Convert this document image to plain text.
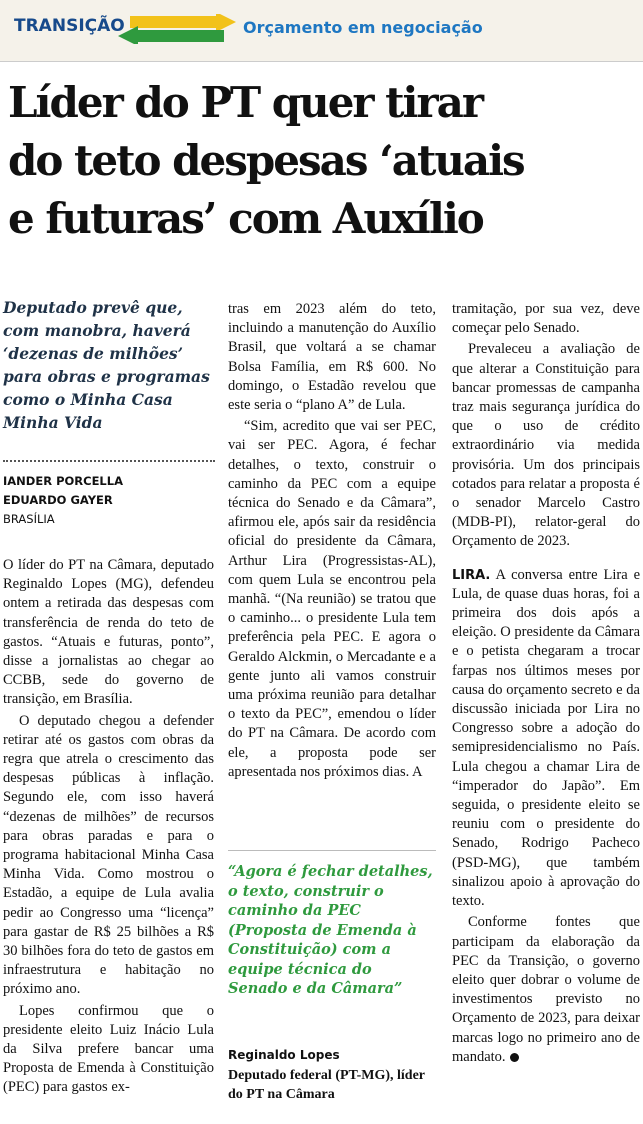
TRANSIÇÃO	Orçamento em negociação
Líder do PT quer tirar
do teto despesas ‘atuais
e futuras’ com Auxílio
Deputado prevê que, com manobra, haverá ‘dezenas de milhões’ para obras e programas como o Minha Casa Minha Vida
IANDER PORCELLA
EDUARDO GAYER
BRASÍLIA

O líder do PT na Câmara, deputado Reginaldo Lopes (MG), defendeu ontem a retirada das despesas com transferência de renda do teto de gastos. “Atuais e futuras, ponto”, disse a jornalistas ao chegar ao CCBB, sede do governo de transição, em Brasília.

O deputado chegou a defender retirar até os gastos com obras da regra que atrela o crescimento das despesas públicas à inflação. Segundo ele, com isso haverá “dezenas de milhões” de recursos para obras paradas e para o programa habitacional Minha Casa Minha Vida. Como mostrou o Estadão, a equipe de Lula avalia pedir ao Congresso uma “licença” para gastar de R$ 25 bilhões a R$ 30 bilhões fora do teto de gastos em infraestrutura e habitação no próximo ano.

Lopes confirmou que o presidente eleito Luiz Inácio Lula da Silva prefere bancar uma Proposta de Emenda à Constituição (PEC) para gastos ex-

tras em 2023 além do teto, incluindo a manutenção do Auxílio Brasil, que voltará a se chamar Bolsa Família, em R$ 600. No domingo, o Estadão revelou que este seria o “plano A” de Lula.

“Sim, acredito que vai ser PEC, vai ser PEC. Agora, é fechar detalhes, o texto, construir o caminho da PEC com a equipe técnica do Senado e da Câmara”, afirmou ele, após sair da residência oficial do presidente da Câmara, Arthur Lira (Progressistas-AL), com quem Lula se encontrou pela manhã. “(Na reunião) se tratou que o caminho... o presidente Lula tem preferência pela PEC. E agora o Geraldo Alckmin, o Mercadante e a gente junto ali vamos construir uma próxima reunião para detalhar o texto da PEC”, emendou o líder do PT na Câmara. De acordo com ele, a proposta pode ser apresentada nos próximos dias. A

“Agora é fechar detalhes, o texto, construir o caminho da PEC (Proposta de Emenda à Constituição) com a equipe técnica do Senado e da Câmara”
Reginaldo Lopes
Deputado federal (PT-MG), líder do PT na Câmara

tramitação, por sua vez, deve começar pelo Senado.

Prevaleceu a avaliação de que alterar a Constituição para bancar promessas de campanha traz mais segurança jurídica do que o uso de crédito extraordinário via medida provisória. Um dos principais cotados para relatar a proposta é o senador Marcelo Castro (MDB-PI), relator-geral do Orçamento de 2023.

LIRA. A conversa entre Lira e Lula, de quase duas horas, foi a primeira dos dois após a eleição. O presidente da Câmara e o petista chegaram a trocar farpas nos últimos meses por causa do orçamento secreto e da discussão iniciada por Lira no Congresso sobre a adoção do semipresidencialismo no País. Lula chegou a chamar Lira de “imperador do Japão”. Em seguida, o presidente eleito se reuniu com o presidente do Senado, Rodrigo Pacheco (PSD-MG), que também sinalizou apoio à aprovação do texto.

Conforme fontes que participam da elaboração da PEC da Transição, o governo eleito quer dobrar o volume de investimentos previsto no Orçamento de 2023, para deixar marcas logo no primeiro ano de mandato.
